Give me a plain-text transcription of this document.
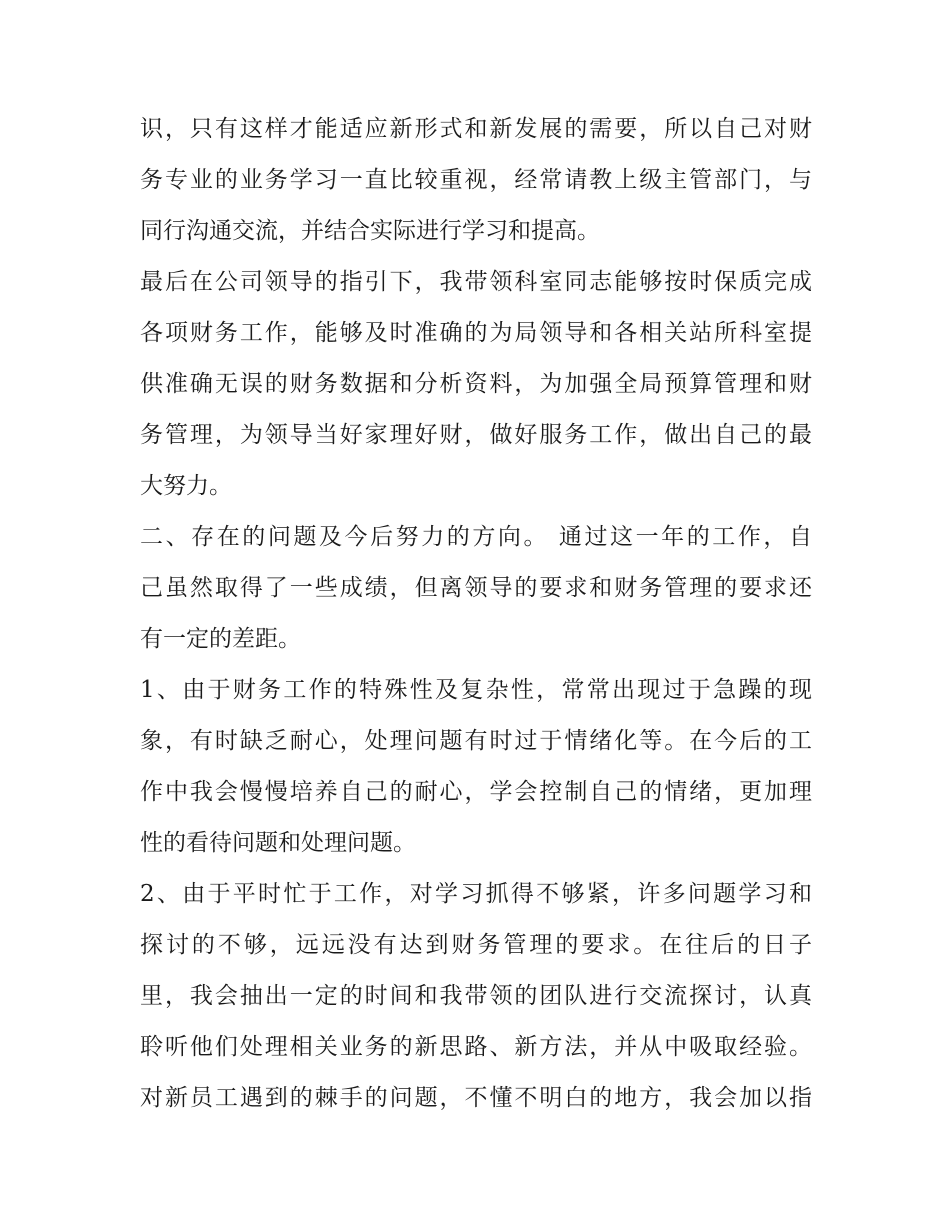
识，只有这样才能适应新形式和新发展的需要，所以自己对财
务专业的业务学习一直比较重视，经常请教上级主管部门，与
同行沟通交流，并结合实际进行学习和提高。

最后在公司领导的指引下，我带领科室同志能够按时保质完成
各项财务工作，能够及时准确的为局领导和各相关站所科室提
供准确无误的财务数据和分析资料，为加强全局预算管理和财
务管理，为领导当好家理好财，做好服务工作，做出自己的最
大努力。

二、存在的问题及今后努力的方向。 通过这一年的工作，自
己虽然取得了一些成绩，但离领导的要求和财务管理的要求还
有一定的差距。

1、由于财务工作的特殊性及复杂性，常常出现过于急躁的现
象，有时缺乏耐心，处理问题有时过于情绪化等。在今后的工
作中我会慢慢培养自己的耐心，学会控制自己的情绪，更加理
性的看待问题和处理问题。

2、由于平时忙于工作，对学习抓得不够紧，许多问题学习和
探讨的不够，远远没有达到财务管理的要求。在往后的日子
里，我会抽出一定的时间和我带领的团队进行交流探讨，认真
聆听他们处理相关业务的新思路、新方法，并从中吸取经验。
对新员工遇到的棘手的问题，不懂不明白的地方，我会加以指
